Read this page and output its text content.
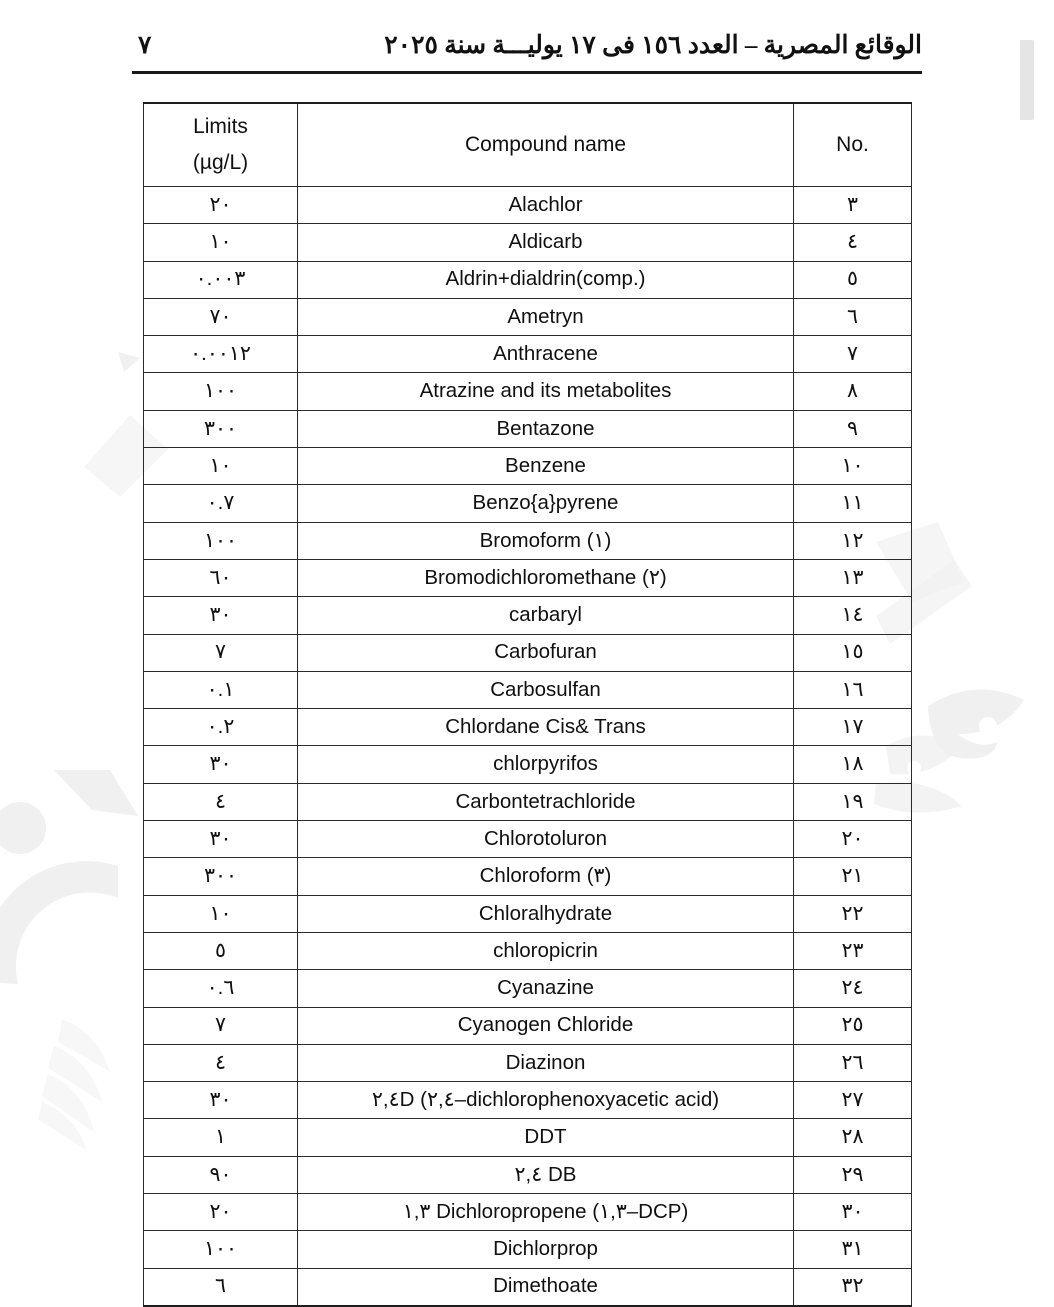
الوقائع المصرية – العدد ١٥٦ فى ١٧ يوليـــة سنة ٢٠٢٥
٧
Limits
(µg/L)	Compound name	No.
٢٠	Alachlor	٣
١٠	Aldicarb	٤
٠.٠٠٣	Aldrin+dialdrin(comp.)	٥
٧٠	Ametryn	٦
٠.٠٠١٢	Anthracene	٧
١٠٠	Atrazine and its metabolites	٨
٣٠٠	Bentazone	٩
١٠	Benzene	١٠
٠.٧	Benzo{a}pyrene	١١
١٠٠	Bromoform (١)	١٢
٦٠	Bromodichloromethane (٢)	١٣
٣٠	carbaryl	١٤
٧	Carbofuran	١٥
٠.١	Carbosulfan	١٦
٠.٢	Chlordane Cis& Trans	١٧
٣٠	chlorpyrifos	١٨
٤	Carbontetrachloride	١٩
٣٠	Chlorotoluron	٢٠
٣٠٠	Chloroform (٣)	٢١
١٠	Chloralhydrate	٢٢
٥	chloropicrin	٢٣
٠.٦	Cyanazine	٢٤
٧	Cyanogen Chloride	٢٥
٤	Diazinon	٢٦
٣٠	٢,٤D (٢,٤–dichlorophenoxyacetic acid)	٢٧
١	DDT	٢٨
٩٠	٢,٤ DB	٢٩
٢٠	١,٣ Dichloropropene (١,٣–DCP)	٣٠
١٠٠	Dichlorprop	٣١
٦	Dimethoate	٣٢
